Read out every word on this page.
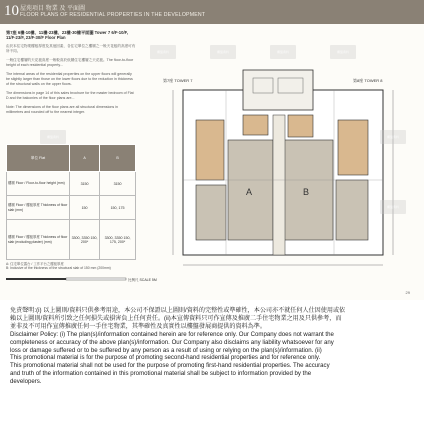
10 屋苑項目 物業 及 平面圖
FLOOR PLANS OF RESIDENTIAL PROPERTIES IN THE DEVELOPMENT
第7座 6樓-10樓、11樓-23樓、23樓-30樓平面圖 Tower 7 6/F-10/F, 11/F-23/F, 23/F-30/F Floor Plan
由於本住宅物業樓板厚度及其他因素，各住宅單位之樓層之一般天花板的高度可有所不同。
一般住宅樓層的天花板高度一般較高於低層住宅樓層之天花板。The floor-to-floor height of each residential property...
The internal areas of the residential properties on the upper floors will generally be slightly larger than those on the lower floors due to the reduction in thickness of the structural walls on the upper floors.
The dimensions in page 14 of this sales brochure for the master bedroom of Flat D and the balconies of the floor plans are...
Note: The dimensions of the floor plans are all structural dimensions in millimetres and rounded off to the nearest integer.
單位 Flat	A	B
樓層 Floor / Floor-to-floor height (mm)	3150	3150
樓層 Floor / 樓板厚度 Thickness of floor slab (mm)	150	150, 175
樓層 Floor / 樓板厚度 Thickness of floor slab (excluding plaster) (mm)	3300, 3350 150, 200*	3300, 3350 150, 175, 200*
A: 住宅單位露台 / 工作平台之樓板厚度
B: Inclusive of the thickness of the structural slab of 150 mm (200mm)
比例尺 SCALE 5M
第7座 TOWER 7	第8座 TOWER 8
A	B
樓盤資料	樓盤資料	樓盤資料	樓盤資料
樓盤資料	樓盤資料
樓盤資料
29
免責聲明:(i) 以上圖則/資料只供參考用途，本公司不保證以上圖則/資料的完整性或準確性，本公司亦不就任何人仕因使用或依
賴以上圖則/資料所引致之任何損失或損害負上任何責任。(ii)本宣傳資料只可作宣傳及推廣二手住宅物業之用及只供參考，而
並非及不可用作宣傳推廣任何一手住宅物業，其準確性及真實性以樓盤發展商提供的資料為準。
Disclaimer Policy: (i) The plan(s)/information contained herein are for reference only. Our Company does not warrant the
completeness or accuracy of the above plan(s)/information. Our Company also disclaims any liability whatsoever for any
loss or damage suffered or to be suffered by any person as a result of using or relying on the plan(s)/information. (ii)
This promotional material is for the purpose of promoting second-hand residential properties and for reference only.
This promotional material shall not be used for the purpose of promoting first-hand residential properties. The accuracy
and truth of the information contained in this promotional material shall be subject to information provided by the
developers.
